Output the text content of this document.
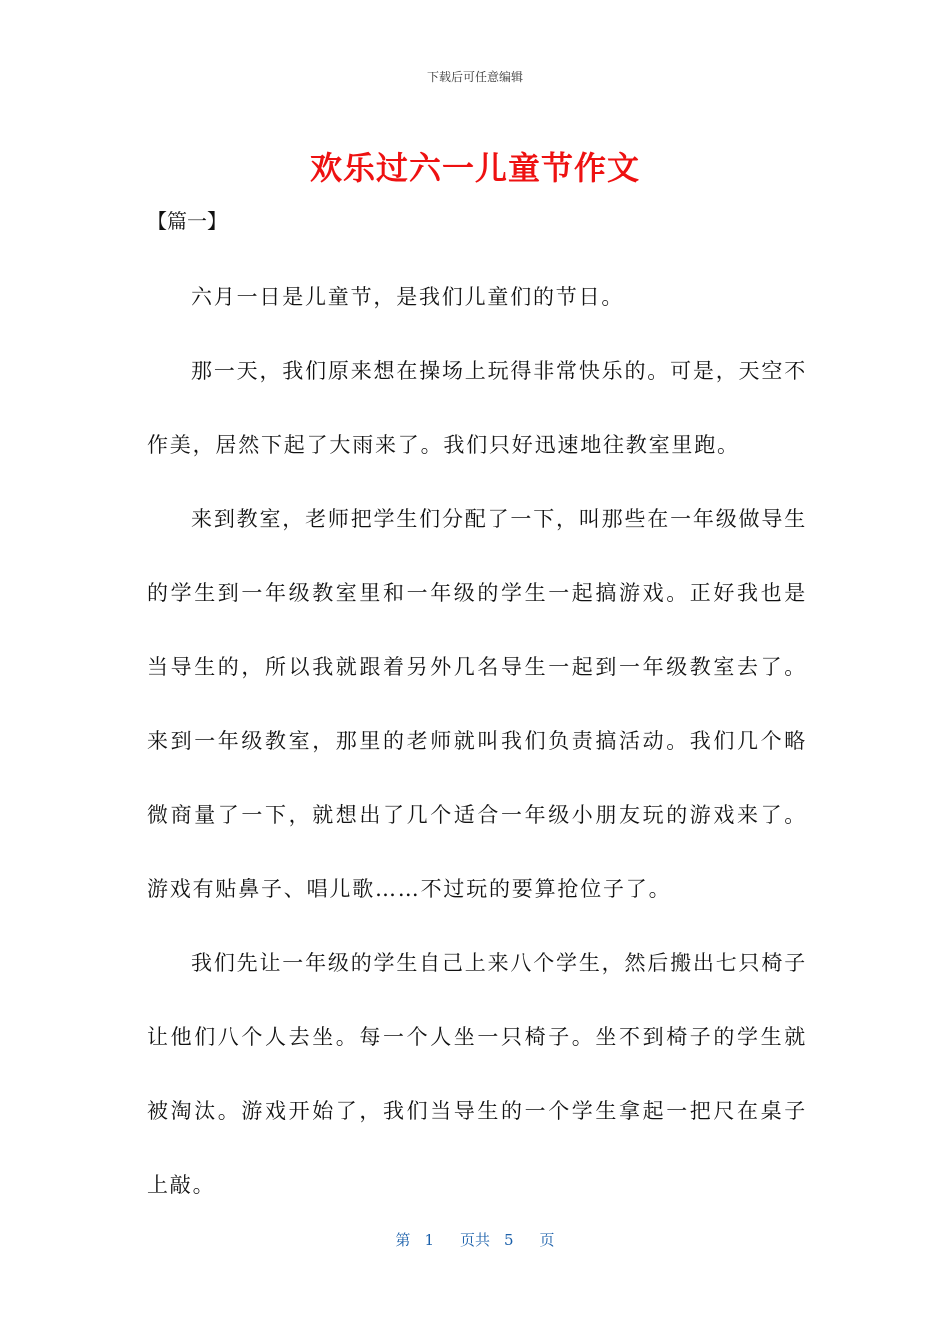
下载后可任意编辑
欢乐过六一儿童节作文
【篇一】

六月一日是儿童节，是我们儿童们的节日。

那一天，我们原来想在操场上玩得非常快乐的。可是，天空不作美，居然下起了大雨来了。我们只好迅速地往教室里跑。

来到教室，老师把学生们分配了一下，叫那些在一年级做导生的学生到一年级教室里和一年级的学生一起搞游戏。正好我也是当导生的，所以我就跟着另外几名导生一起到一年级教室去了。来到一年级教室，那里的老师就叫我们负责搞活动。我们几个略微商量了一下，就想出了几个适合一年级小朋友玩的游戏来了。游戏有贴鼻子、唱儿歌……不过玩的要算抢位子了。

我们先让一年级的学生自己上来八个学生，然后搬出七只椅子让他们八个人去坐。每一个人坐一只椅子。坐不到椅子的学生就被淘汰。游戏开始了，我们当导生的一个学生拿起一把尺在桌子上敲。

第 1 页共 5 页
